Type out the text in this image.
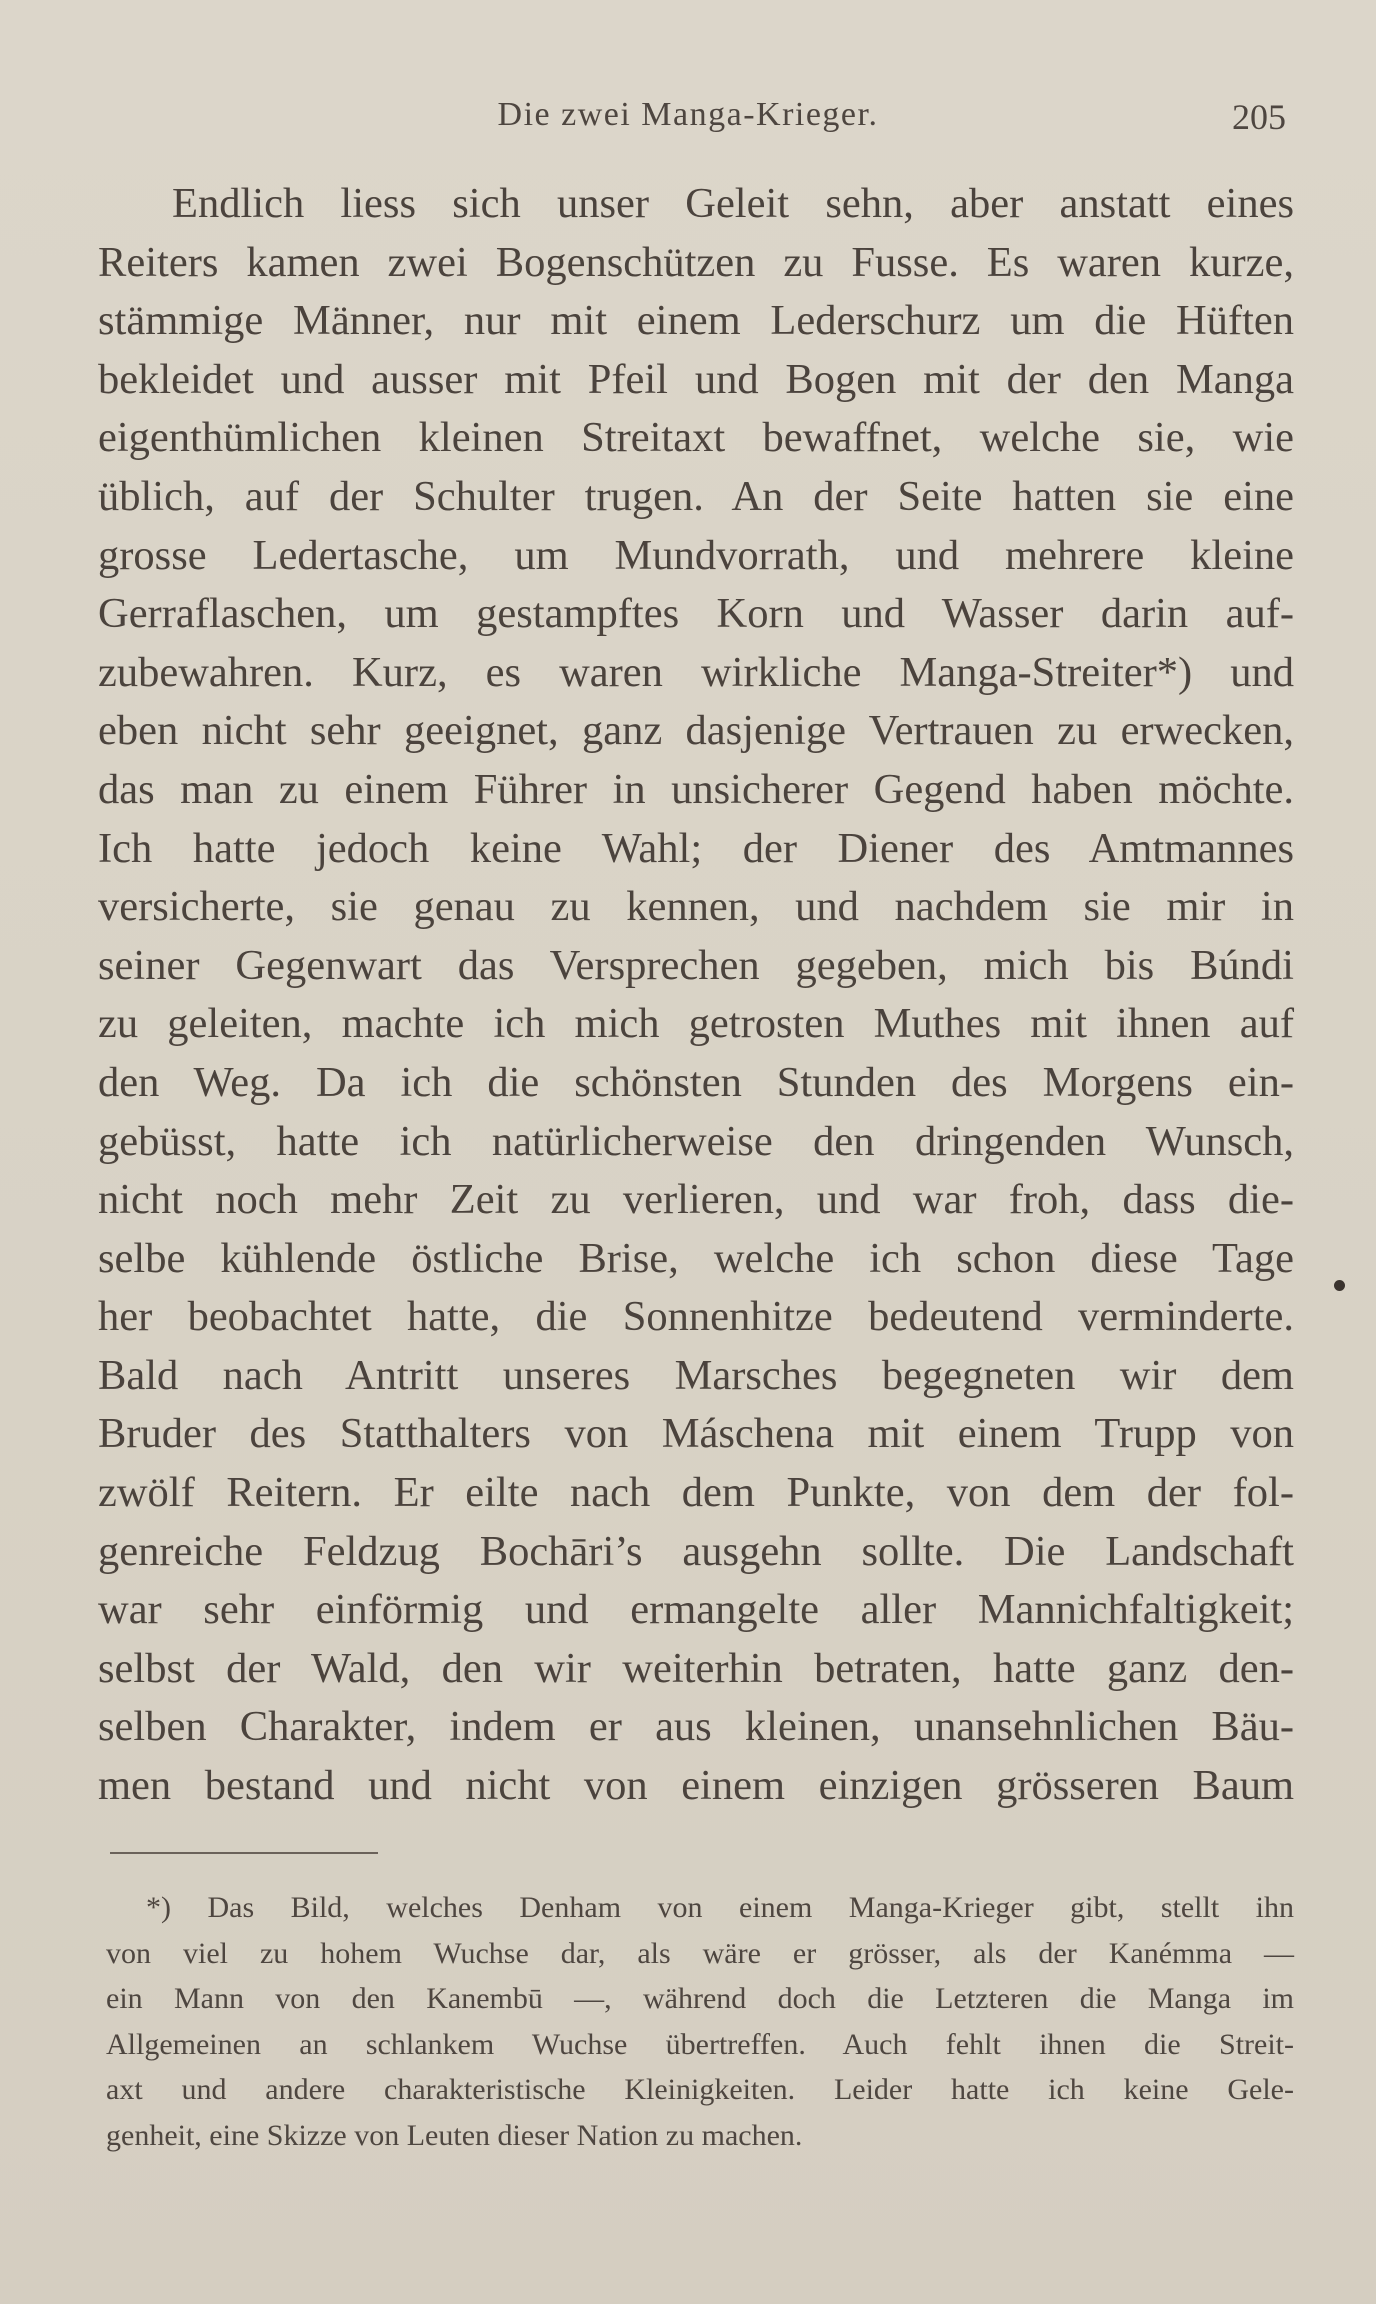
Die zwei Manga-Krieger.	205
Endlich liess sich unser Geleit sehn, aber anstatt eines
Reiters kamen zwei Bogenschützen zu Fusse. Es waren kurze,
stämmige Männer, nur mit einem Lederschurz um die Hüften
bekleidet und ausser mit Pfeil und Bogen mit der den Manga
eigenthümlichen kleinen Streitaxt bewaffnet, welche sie, wie
üblich, auf der Schulter trugen. An der Seite hatten sie eine
grosse Ledertasche, um Mundvorrath, und mehrere kleine
Gerraflaschen, um gestampftes Korn und Wasser darin auf-
zubewahren. Kurz, es waren wirkliche Manga-Streiter*) und
eben nicht sehr geeignet, ganz dasjenige Vertrauen zu erwecken,
das man zu einem Führer in unsicherer Gegend haben möchte.
Ich hatte jedoch keine Wahl; der Diener des Amtmannes
versicherte, sie genau zu kennen, und nachdem sie mir in
seiner Gegenwart das Versprechen gegeben, mich bis Búndi
zu geleiten, machte ich mich getrosten Muthes mit ihnen auf
den Weg. Da ich die schönsten Stunden des Morgens ein-
gebüsst, hatte ich natürlicherweise den dringenden Wunsch,
nicht noch mehr Zeit zu verlieren, und war froh, dass die-
selbe kühlende östliche Brise, welche ich schon diese Tage
her beobachtet hatte, die Sonnenhitze bedeutend verminderte.
Bald nach Antritt unseres Marsches begegneten wir dem
Bruder des Statthalters von Máschena mit einem Trupp von
zwölf Reitern. Er eilte nach dem Punkte, von dem der fol-
genreiche Feldzug Bochāri’s ausgehn sollte. Die Landschaft
war sehr einförmig und ermangelte aller Mannichfaltigkeit;
selbst der Wald, den wir weiterhin betraten, hatte ganz den-
selben Charakter, indem er aus kleinen, unansehnlichen Bäu-
men bestand und nicht von einem einzigen grösseren Baum
*) Das Bild, welches Denham von einem Manga-Krieger gibt, stellt ihn
von viel zu hohem Wuchse dar, als wäre er grösser, als der Kanémma —
ein Mann von den Kanembū —, während doch die Letzteren die Manga im
Allgemeinen an schlankem Wuchse übertreffen. Auch fehlt ihnen die Streit-
axt und andere charakteristische Kleinigkeiten. Leider hatte ich keine Gele-
genheit, eine Skizze von Leuten dieser Nation zu machen.
